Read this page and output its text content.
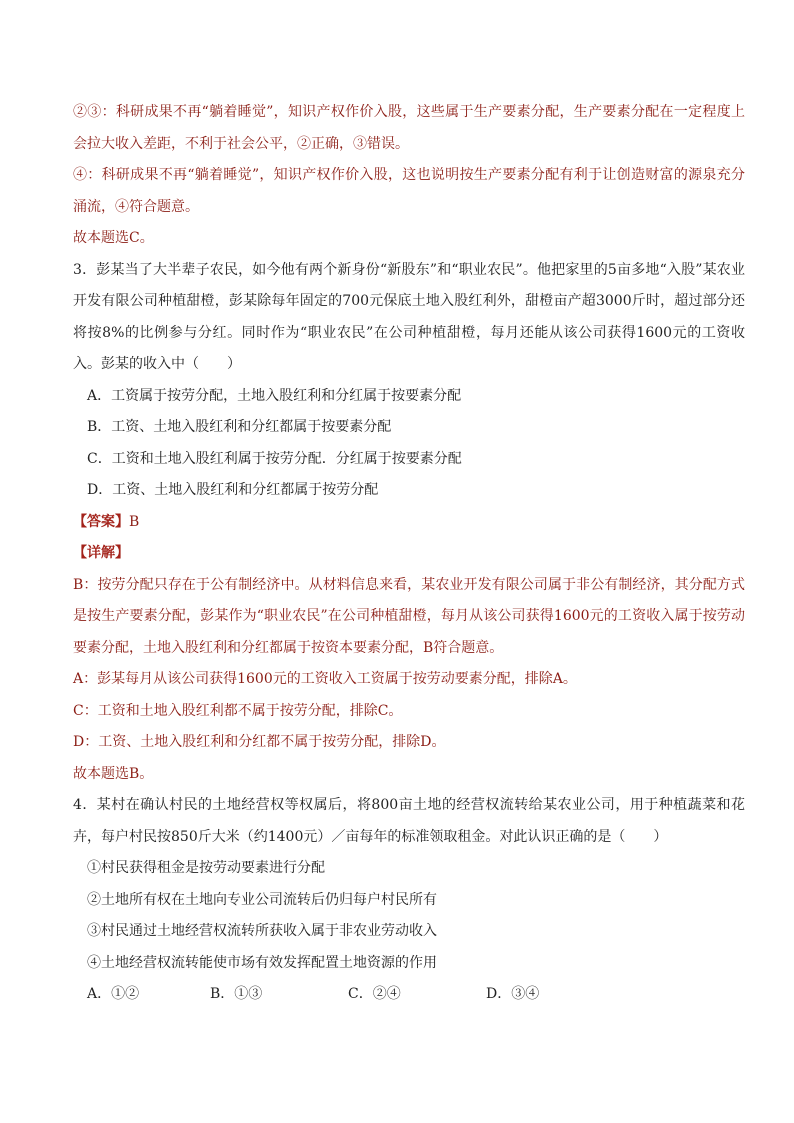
②③：科研成果不再“躺着睡觉”，知识产权作价入股，这些属于生产要素分配，生产要素分配在一定程度上会拉大收入差距，不利于社会公平，②正确，③错误。

④：科研成果不再“躺着睡觉”，知识产权作价入股，这也说明按生产要素分配有利于让创造财富的源泉充分涌流，④符合题意。

故本题选C。

3．彭某当了大半辈子农民，如今他有两个新身份“新股东”和“职业农民”。他把家里的5亩多地“入股”某农业开发有限公司种植甜橙，彭某除每年固定的700元保底土地入股红利外，甜橙亩产超3000斤时，超过部分还将按8%的比例参与分红。同时作为“职业农民”在公司种植甜橙，每月还能从该公司获得1600元的工资收入。彭某的收入中（　　）

A．工资属于按劳分配，土地入股红利和分红属于按要素分配

B．工资、土地入股红利和分红都属于按要素分配

C．工资和土地入股红利属于按劳分配．分红属于按要素分配

D．工资、土地入股红利和分红都属于按劳分配

【答案】B

【详解】

B：按劳分配只存在于公有制经济中。从材料信息来看，某农业开发有限公司属于非公有制经济，其分配方式是按生产要素分配，彭某作为“职业农民”在公司种植甜橙，每月从该公司获得1600元的工资收入属于按劳动要素分配，土地入股红利和分红都属于按资本要素分配，B符合题意。

A：彭某每月从该公司获得1600元的工资收入工资属于按劳动要素分配，排除A。

C：工资和土地入股红利都不属于按劳分配，排除C。

D：工资、土地入股红利和分红都不属于按劳分配，排除D。

故本题选B。

4．某村在确认村民的土地经营权等权属后，将800亩土地的经营权流转给某农业公司，用于种植蔬菜和花卉，每户村民按850斤大米（约1400元）／亩每年的标准领取租金。对此认识正确的是（　　）

①村民获得租金是按劳动要素进行分配

②土地所有权在土地向专业公司流转后仍归每户村民所有

③村民通过土地经营权流转所获收入属于非农业劳动收入

④土地经营权流转能使市场有效发挥配置土地资源的作用

A．①②	B．①③	C．②④	D．③④
